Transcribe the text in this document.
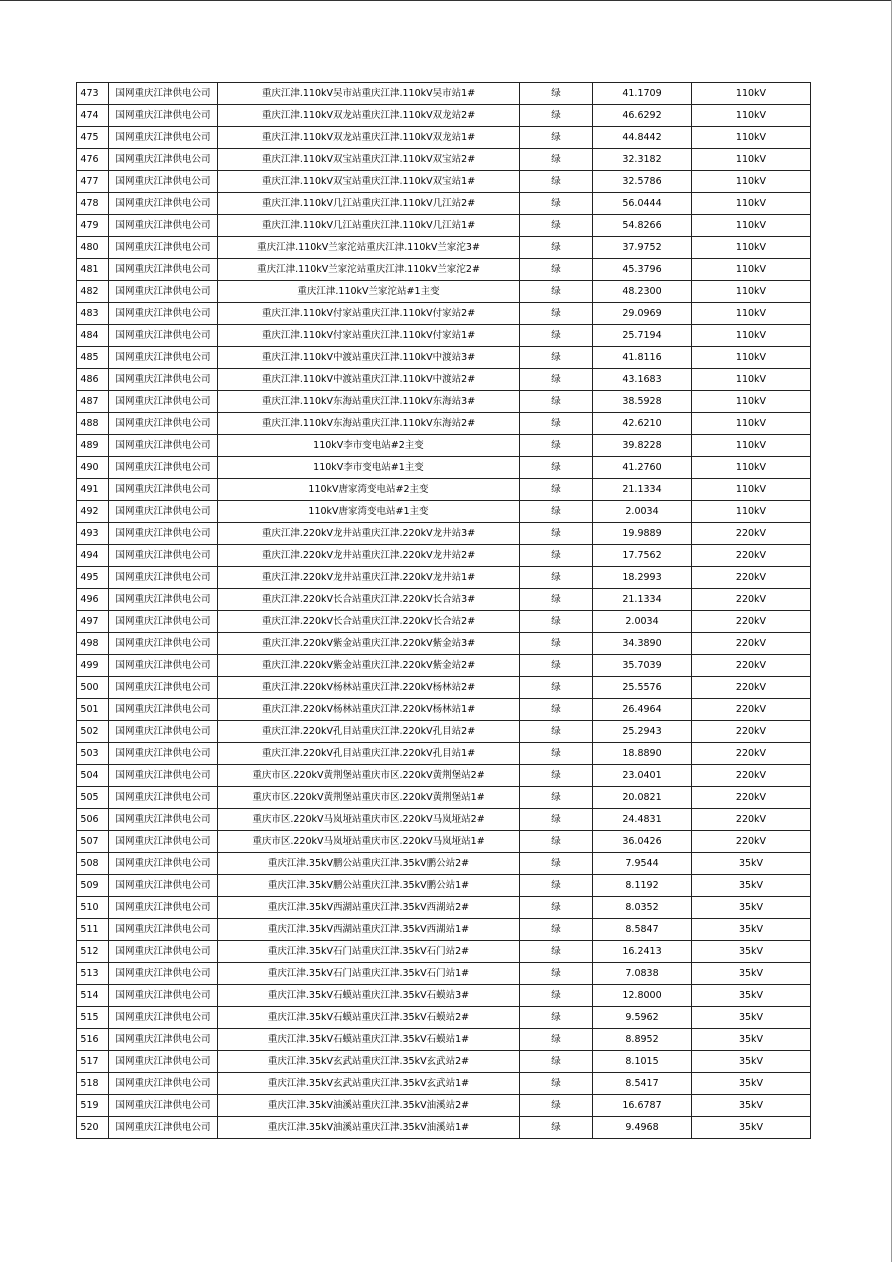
473	国网重庆江津供电公司	重庆江津.110kV吴市站重庆江津.110kV吴市站1#	绿	41.1709	110kV
474	国网重庆江津供电公司	重庆江津.110kV双龙站重庆江津.110kV双龙站2#	绿	46.6292	110kV
475	国网重庆江津供电公司	重庆江津.110kV双龙站重庆江津.110kV双龙站1#	绿	44.8442	110kV
476	国网重庆江津供电公司	重庆江津.110kV双宝站重庆江津.110kV双宝站2#	绿	32.3182	110kV
477	国网重庆江津供电公司	重庆江津.110kV双宝站重庆江津.110kV双宝站1#	绿	32.5786	110kV
478	国网重庆江津供电公司	重庆江津.110kV几江站重庆江津.110kV几江站2#	绿	56.0444	110kV
479	国网重庆江津供电公司	重庆江津.110kV几江站重庆江津.110kV几江站1#	绿	54.8266	110kV
480	国网重庆江津供电公司	重庆江津.110kV兰家沱站重庆江津.110kV兰家沱3#	绿	37.9752	110kV
481	国网重庆江津供电公司	重庆江津.110kV兰家沱站重庆江津.110kV兰家沱2#	绿	45.3796	110kV
482	国网重庆江津供电公司	重庆江津.110kV兰家沱站#1主变	绿	48.2300	110kV
483	国网重庆江津供电公司	重庆江津.110kV付家站重庆江津.110kV付家站2#	绿	29.0969	110kV
484	国网重庆江津供电公司	重庆江津.110kV付家站重庆江津.110kV付家站1#	绿	25.7194	110kV
485	国网重庆江津供电公司	重庆江津.110kV中渡站重庆江津.110kV中渡站3#	绿	41.8116	110kV
486	国网重庆江津供电公司	重庆江津.110kV中渡站重庆江津.110kV中渡站2#	绿	43.1683	110kV
487	国网重庆江津供电公司	重庆江津.110kV东海站重庆江津.110kV东海站3#	绿	38.5928	110kV
488	国网重庆江津供电公司	重庆江津.110kV东海站重庆江津.110kV东海站2#	绿	42.6210	110kV
489	国网重庆江津供电公司	110kV李市变电站#2主变	绿	39.8228	110kV
490	国网重庆江津供电公司	110kV李市变电站#1主变	绿	41.2760	110kV
491	国网重庆江津供电公司	110kV唐家湾变电站#2主变	绿	21.1334	110kV
492	国网重庆江津供电公司	110kV唐家湾变电站#1主变	绿	2.0034	110kV
493	国网重庆江津供电公司	重庆江津.220kV龙井站重庆江津.220kV龙井站3#	绿	19.9889	220kV
494	国网重庆江津供电公司	重庆江津.220kV龙井站重庆江津.220kV龙井站2#	绿	17.7562	220kV
495	国网重庆江津供电公司	重庆江津.220kV龙井站重庆江津.220kV龙井站1#	绿	18.2993	220kV
496	国网重庆江津供电公司	重庆江津.220kV长合站重庆江津.220kV长合站3#	绿	21.1334	220kV
497	国网重庆江津供电公司	重庆江津.220kV长合站重庆江津.220kV长合站2#	绿	2.0034	220kV
498	国网重庆江津供电公司	重庆江津.220kV紫金站重庆江津.220kV紫金站3#	绿	34.3890	220kV
499	国网重庆江津供电公司	重庆江津.220kV紫金站重庆江津.220kV紫金站2#	绿	35.7039	220kV
500	国网重庆江津供电公司	重庆江津.220kV杨林站重庆江津.220kV杨林站2#	绿	25.5576	220kV
501	国网重庆江津供电公司	重庆江津.220kV杨林站重庆江津.220kV杨林站1#	绿	26.4964	220kV
502	国网重庆江津供电公司	重庆江津.220kV孔目站重庆江津.220kV孔目站2#	绿	25.2943	220kV
503	国网重庆江津供电公司	重庆江津.220kV孔目站重庆江津.220kV孔目站1#	绿	18.8890	220kV
504	国网重庆江津供电公司	重庆市区.220kV黄荆堡站重庆市区.220kV黄荆堡站2#	绿	23.0401	220kV
505	国网重庆江津供电公司	重庆市区.220kV黄荆堡站重庆市区.220kV黄荆堡站1#	绿	20.0821	220kV
506	国网重庆江津供电公司	重庆市区.220kV马岚垭站重庆市区.220kV马岚垭站2#	绿	24.4831	220kV
507	国网重庆江津供电公司	重庆市区.220kV马岚垭站重庆市区.220kV马岚垭站1#	绿	36.0426	220kV
508	国网重庆江津供电公司	重庆江津.35kV鹏公站重庆江津.35kV鹏公站2#	绿	7.9544	35kV
509	国网重庆江津供电公司	重庆江津.35kV鹏公站重庆江津.35kV鹏公站1#	绿	8.1192	35kV
510	国网重庆江津供电公司	重庆江津.35kV西湖站重庆江津.35kV西湖站2#	绿	8.0352	35kV
511	国网重庆江津供电公司	重庆江津.35kV西湖站重庆江津.35kV西湖站1#	绿	8.5847	35kV
512	国网重庆江津供电公司	重庆江津.35kV石门站重庆江津.35kV石门站2#	绿	16.2413	35kV
513	国网重庆江津供电公司	重庆江津.35kV石门站重庆江津.35kV石门站1#	绿	7.0838	35kV
514	国网重庆江津供电公司	重庆江津.35kV石蟆站重庆江津.35kV石蟆站3#	绿	12.8000	35kV
515	国网重庆江津供电公司	重庆江津.35kV石蟆站重庆江津.35kV石蟆站2#	绿	9.5962	35kV
516	国网重庆江津供电公司	重庆江津.35kV石蟆站重庆江津.35kV石蟆站1#	绿	8.8952	35kV
517	国网重庆江津供电公司	重庆江津.35kV玄武站重庆江津.35kV玄武站2#	绿	8.1015	35kV
518	国网重庆江津供电公司	重庆江津.35kV玄武站重庆江津.35kV玄武站1#	绿	8.5417	35kV
519	国网重庆江津供电公司	重庆江津.35kV油溪站重庆江津.35kV油溪站2#	绿	16.6787	35kV
520	国网重庆江津供电公司	重庆江津.35kV油溪站重庆江津.35kV油溪站1#	绿	9.4968	35kV
